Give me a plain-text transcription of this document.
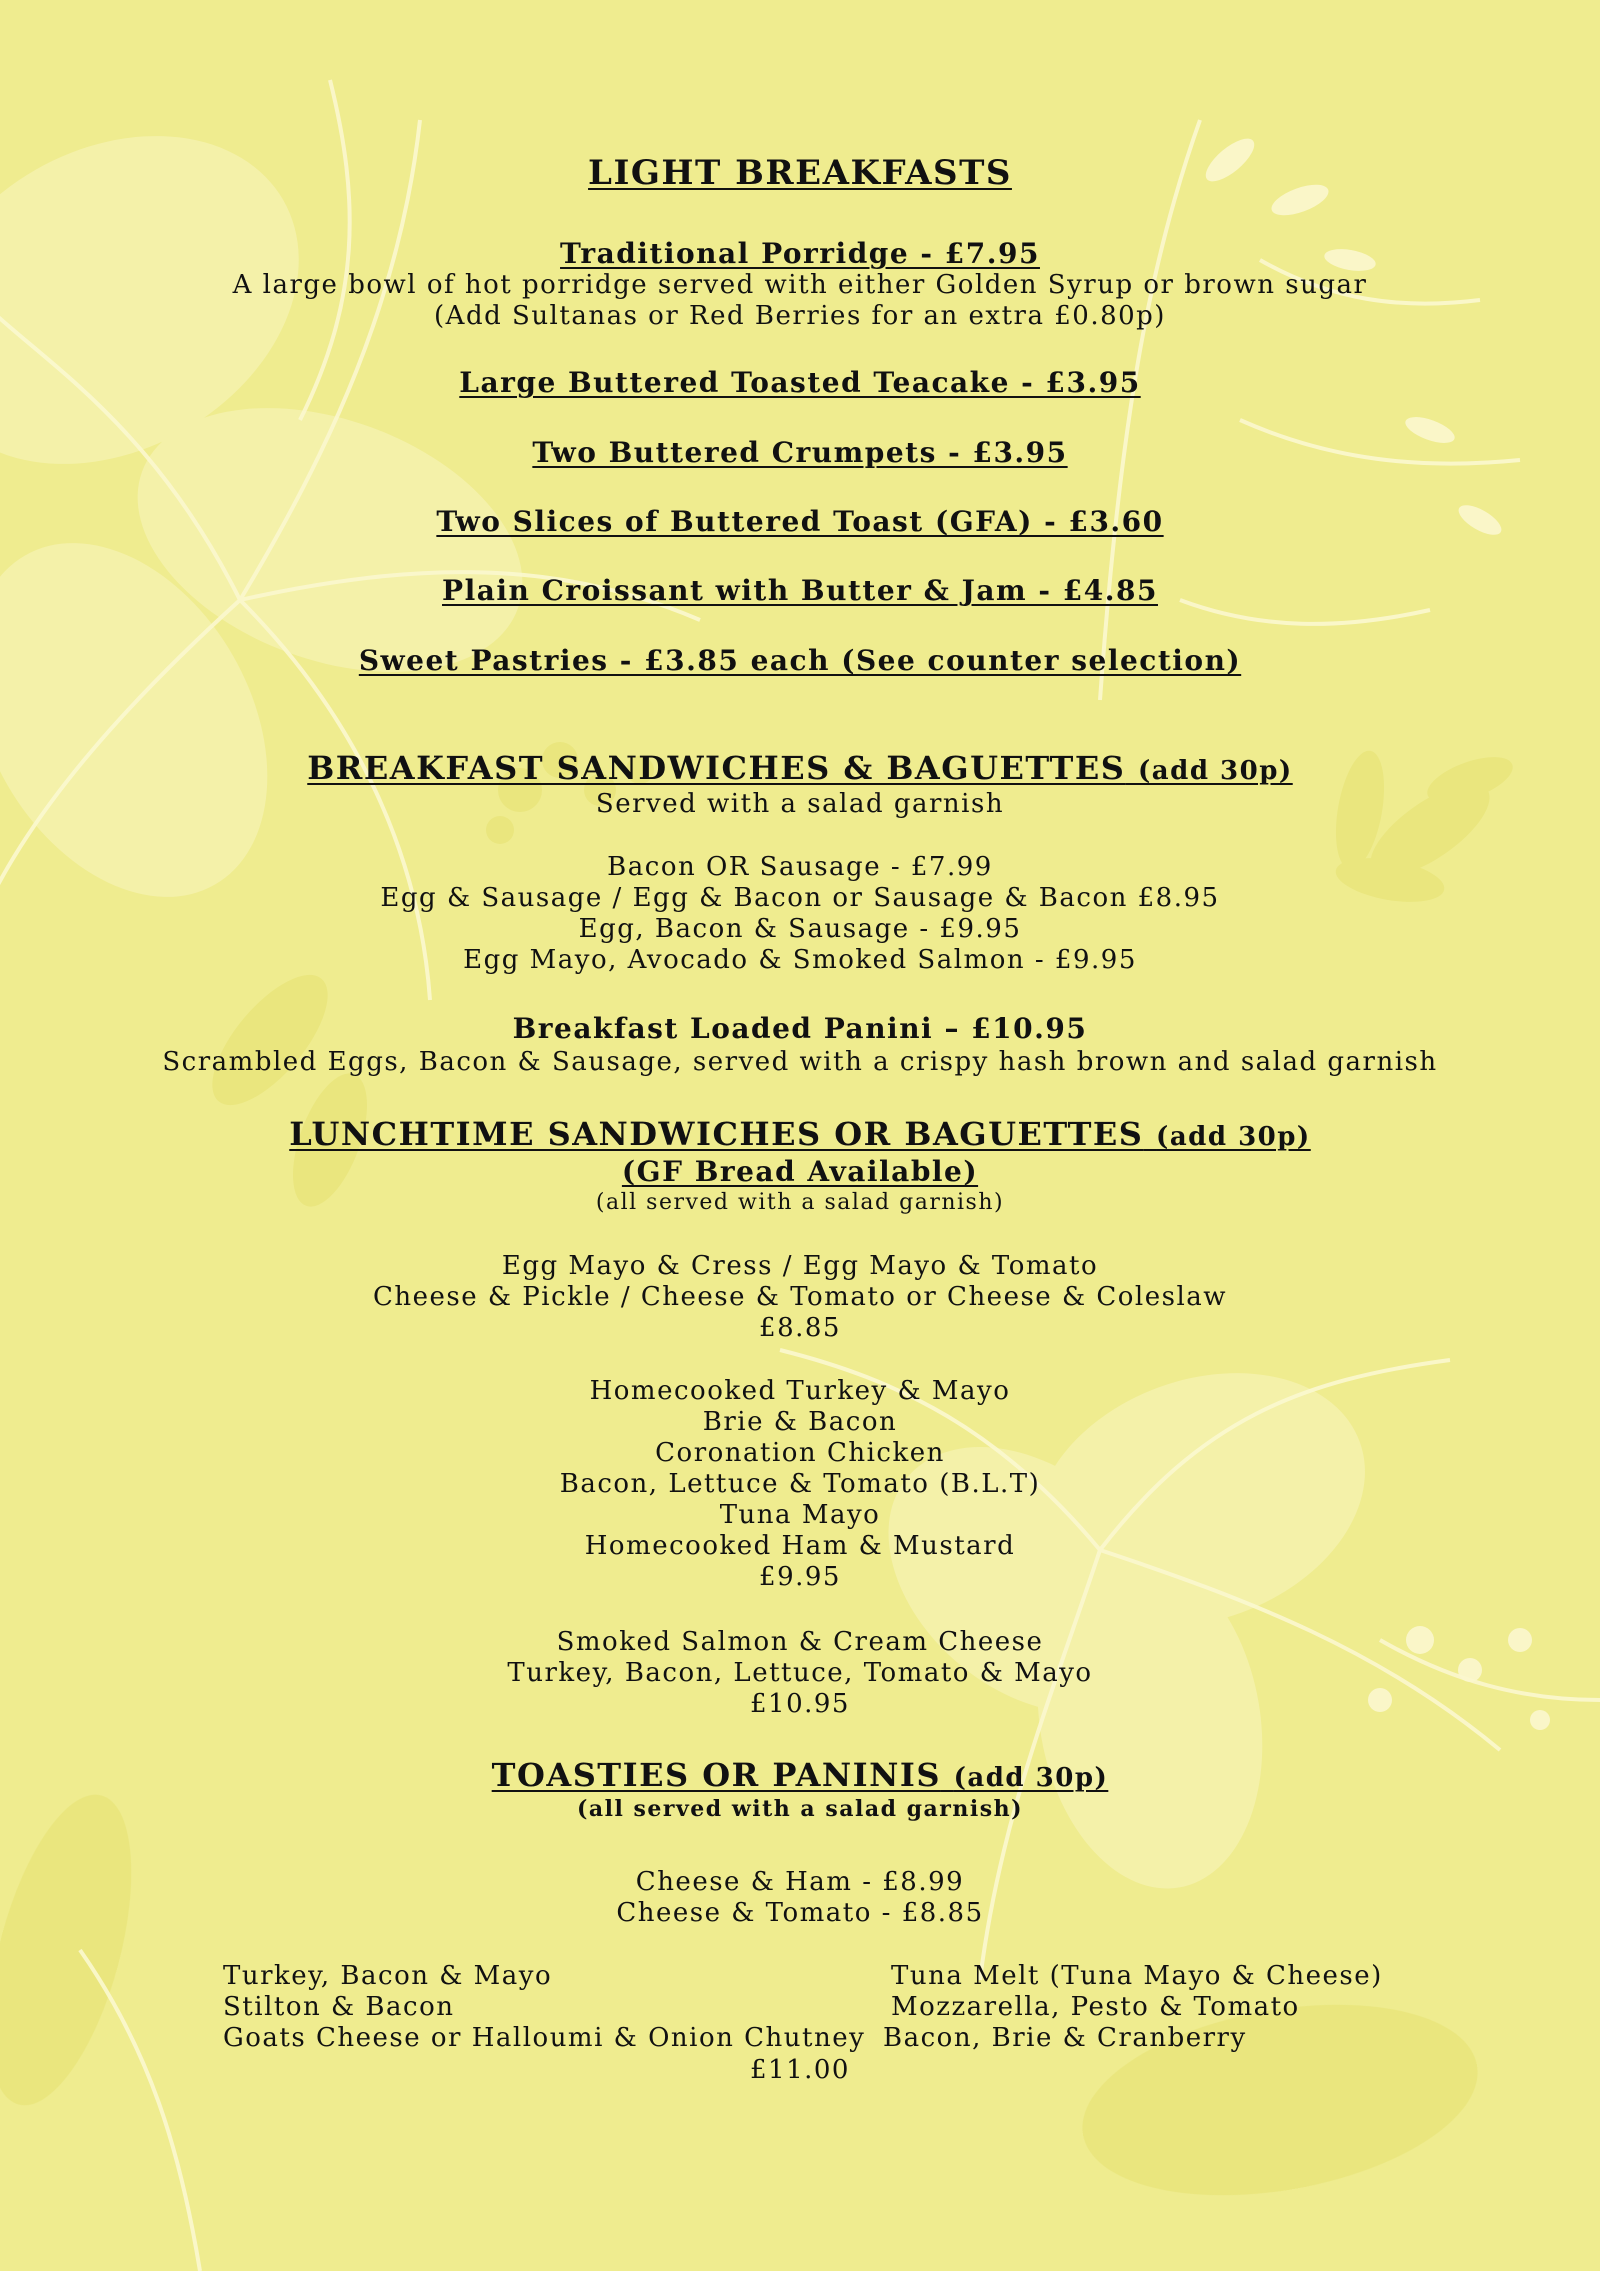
LIGHT BREAKFASTS
Traditional Porridge - £7.95
A large bowl of hot porridge served with either Golden Syrup or brown sugar
(Add Sultanas or Red Berries for an extra £0.80p)
Large Buttered Toasted Teacake - £3.95
Two Buttered Crumpets - £3.95
Two Slices of Buttered Toast (GFA) - £3.60
Plain Croissant with Butter & Jam - £4.85
Sweet Pastries - £3.85 each (See counter selection)
BREAKFAST SANDWICHES & BAGUETTES (add 30p)
Served with a salad garnish
Bacon OR Sausage - £7.99
Egg & Sausage / Egg & Bacon or Sausage & Bacon £8.95
Egg, Bacon & Sausage - £9.95
Egg Mayo, Avocado & Smoked Salmon - £9.95
Breakfast Loaded Panini – £10.95
Scrambled Eggs, Bacon & Sausage, served with a crispy hash brown and salad garnish
LUNCHTIME SANDWICHES OR BAGUETTES (add 30p)
(GF Bread Available)
(all served with a salad garnish)
Egg Mayo & Cress / Egg Mayo & Tomato
Cheese & Pickle / Cheese & Tomato or Cheese & Coleslaw
£8.85
Homecooked Turkey & Mayo
Brie & Bacon
Coronation Chicken
Bacon, Lettuce & Tomato (B.L.T)
Tuna Mayo
Homecooked Ham & Mustard
£9.95
Smoked Salmon & Cream Cheese
Turkey, Bacon, Lettuce, Tomato & Mayo
£10.95
TOASTIES OR PANINIS (add 30p)
(all served with a salad garnish)
Cheese & Ham - £8.99
Cheese & Tomato - £8.85
Turkey, Bacon & Mayo
Stilton & Bacon
Goats Cheese or Halloumi & Onion Chutney
Tuna Melt (Tuna Mayo & Cheese)
Mozzarella, Pesto & Tomato
Bacon, Brie & Cranberry
£11.00
